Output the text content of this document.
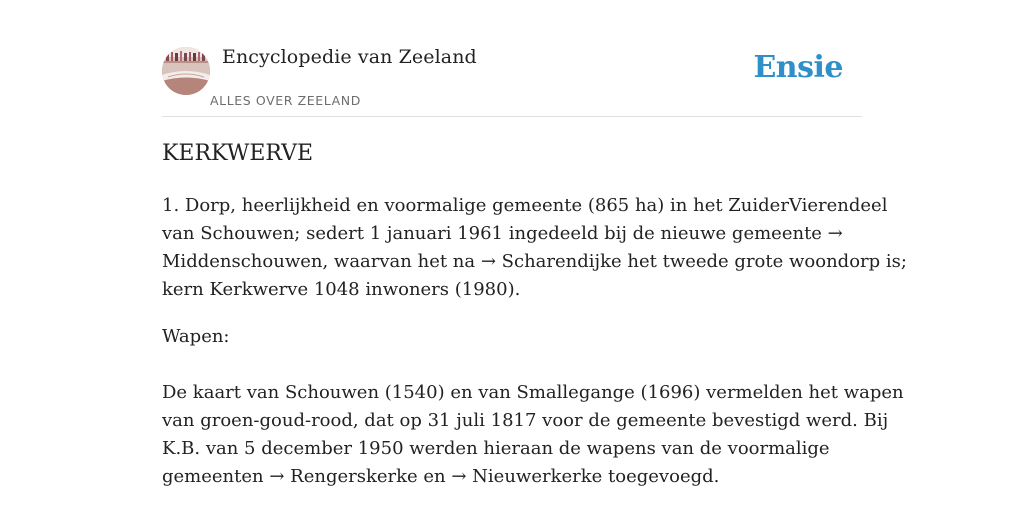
Encyclopedie van Zeeland
ALLES OVER ZEELAND
Ensie
KERKWERVE

1. Dorp, heerlijkheid en voormalige gemeente (865 ha) in het ZuiderVierendeel
van Schouwen; sedert 1 januari 1961 ingedeeld bij de nieuwe gemeente →
Middenschouwen, waarvan het na → Scharendijke het tweede grote woondorp is;
kern Kerkwerve 1048 inwoners (1980).

Wapen:

De kaart van Schouwen (1540) en van Smallegange (1696) vermelden het wapen
van groen-goud-rood, dat op 31 juli 1817 voor de gemeente bevestigd werd. Bij
K.B. van 5 december 1950 werden hieraan de wapens van de voormalige
gemeenten → Rengerskerke en → Nieuwerkerke toegevoegd.
